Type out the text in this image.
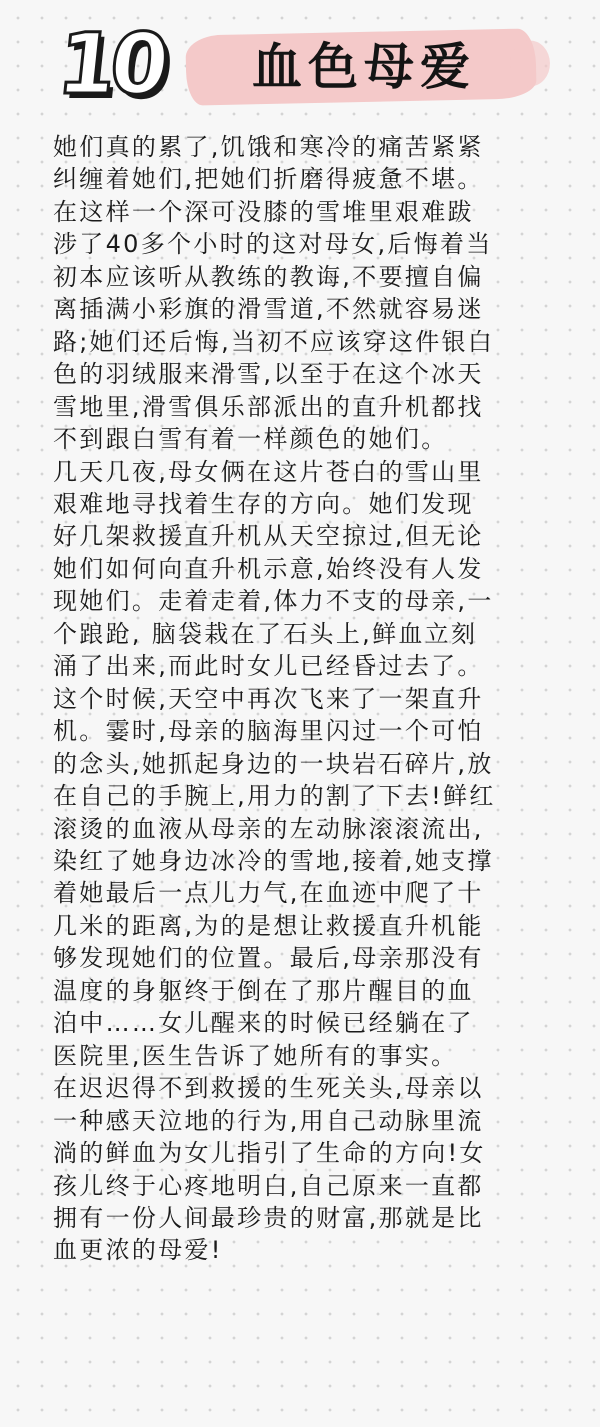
10	血色母爱
她们真的累了,饥饿和寒冷的痛苦紧紧
纠缠着她们,把她们折磨得疲惫不堪。
在这样一个深可没膝的雪堆里艰难跋
涉了40多个小时的这对母女,后悔着当
初本应该听从教练的教诲,不要擅自偏
离插满小彩旗的滑雪道,不然就容易迷
路;她们还后悔,当初不应该穿这件银白
色的羽绒服来滑雪,以至于在这个冰天
雪地里,滑雪俱乐部派出的直升机都找
不到跟白雪有着一样颜色的她们。
几天几夜,母女俩在这片苍白的雪山里
艰难地寻找着生存的方向。她们发现
好几架救援直升机从天空掠过,但无论
她们如何向直升机示意,始终没有人发
现她们。走着走着,体力不支的母亲,一
个踉跄, 脑袋栽在了石头上,鲜血立刻
涌了出来,而此时女儿已经昏过去了。
这个时候,天空中再次飞来了一架直升
机。霎时,母亲的脑海里闪过一个可怕
的念头,她抓起身边的一块岩石碎片,放
在自己的手腕上,用力的割了下去!鲜红
滚烫的血液从母亲的左动脉滚滚流出,
染红了她身边冰冷的雪地,接着,她支撑
着她最后一点儿力气,在血迹中爬了十
几米的距离,为的是想让救援直升机能
够发现她们的位置。最后,母亲那没有
温度的身躯终于倒在了那片醒目的血
泊中……女儿醒来的时候已经躺在了
医院里,医生告诉了她所有的事实。
在迟迟得不到救援的生死关头,母亲以
一种感天泣地的行为,用自己动脉里流
淌的鲜血为女儿指引了生命的方向!女
孩儿终于心疼地明白,自己原来一直都
拥有一份人间最珍贵的财富,那就是比
血更浓的母爱!
